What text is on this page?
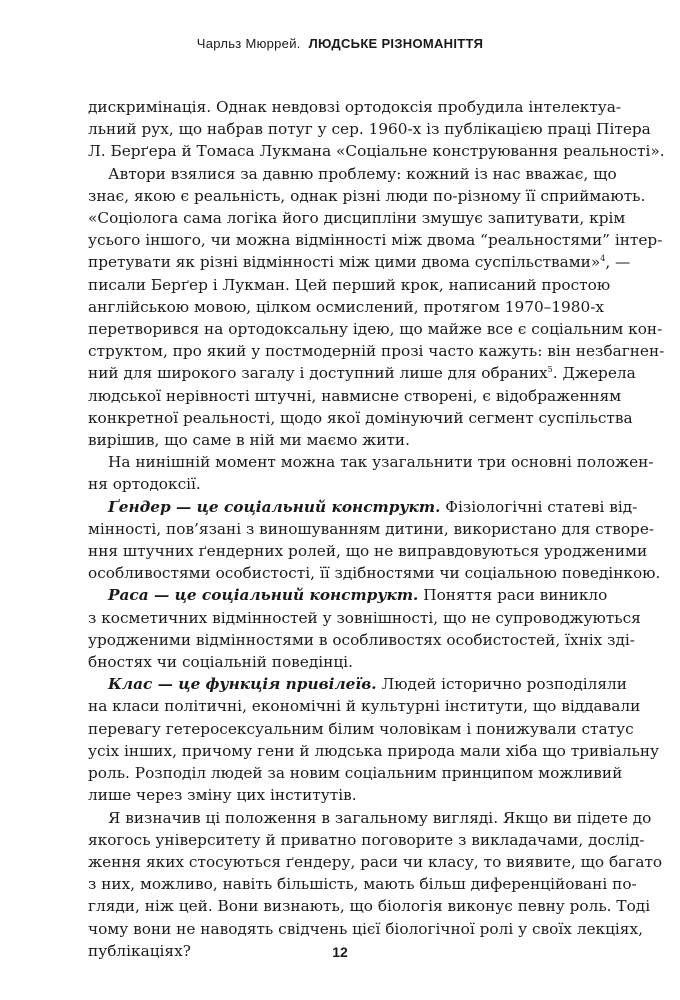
Чарльз Мюррей. ЛЮДСЬКЕ РІЗНОМАНІТТЯ

дискримінація. Однак невдовзі ортодоксія пробудила інтелектуа-
льний рух, що набрав потуг у сер. 1960-х із публікацією праці Пітера
Л. Берґера й Томаса Лукмана «Соціальне конструювання реальності».

Автори взялися за давню проблему: кожний із нас вважає, що
знає, якою є реальність, однак різні люди по-різному її сприймають.
«Соціолога сама логіка його дисципліни змушує запитувати, крім
усього іншого, чи можна відмінності між двома “реальностями” інтер-
претувати як різні відмінності між цими двома суспільствами»$^4$, —
писали Берґер і Лукман. Цей перший крок, написаний простою
англійською мовою, цілком осмислений, протягом 1970–1980-х
перетворився на ортодоксальну ідею, що майже все є соціальним кон-
структом, про який у постмодерній прозі часто кажуть: він незбагнен-
ний для широкого загалу і доступний лише для обраних$^5$. Джерела
людської нерівності штучні, навмисне створені, є відображенням
конкретної реальності, щодо якої домінуючий сегмент суспільства
вирішив, що саме в ній ми маємо жити.

На нинішній момент можна так узагальнити три основні положен-
ня ортодоксії.

Ґендер — це соціальний конструкт. Фізіологічні статеві від-
мінності, пов’язані з виношуванням дитини, використано для створе-
ння штучних ґендерних ролей, що не виправдовуються уродженими
особливостями особистості, її здібностями чи соціальною поведінкою.

Раса — це соціальний конструкт. Поняття раси виникло
з косметичних відмінностей у зовнішності, що не супроводжуються
уродженими відмінностями в особливостях особистостей, їхніх зді-
бностях чи соціальній поведінці.

Клас — це функція привілеїв. Людей історично розподіляли
на класи політичні, економічні й культурні інститути, що віддавали
перевагу гетеросексуальним білим чоловікам і понижували статус
усіх інших, причому гени й людська природа мали хіба що тривіальну
роль. Розподіл людей за новим соціальним принципом можливий
лише через зміну цих інститутів.

Я визначив ці положення в загальному вигляді. Якщо ви підете до
якогось університету й приватно поговорите з викладачами, дослід-
ження яких стосуються ґендеру, раси чи класу, то виявите, що багато
з них, можливо, навіть більшість, мають більш диференційовані по-
гляди, ніж цей. Вони визнають, що біологія виконує певну роль. Тоді
чому вони не наводять свідчень цієї біологічної ролі у своїх лекціях,
публікаціях?	12
